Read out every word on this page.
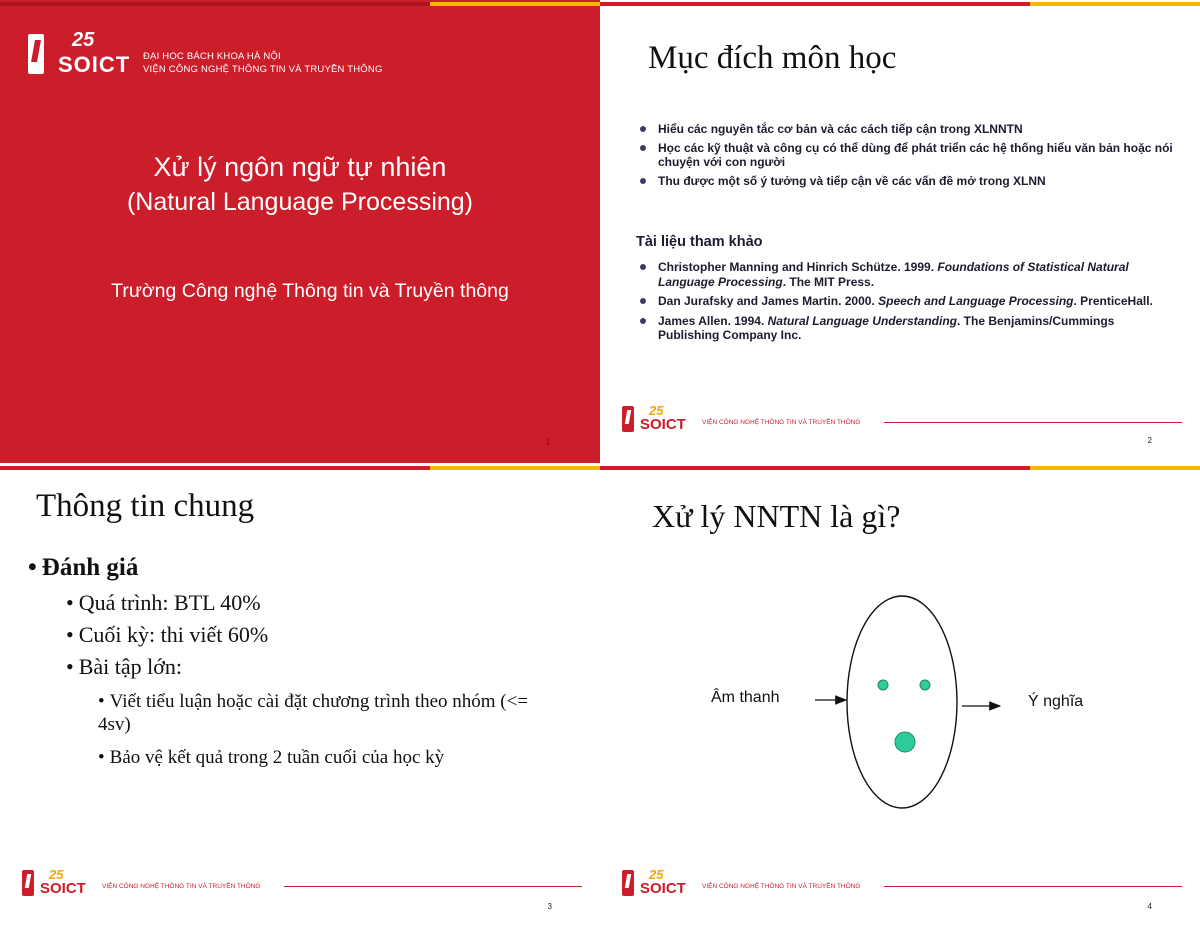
25
SOICT ĐẠI HỌC BÁCH KHOA HÀ NỘI
VIỆN CÔNG NGHỆ THÔNG TIN VÀ TRUYỀN THÔNG
Xử lý ngôn ngữ tự nhiên
(Natural Language Processing)
Trường Công nghệ Thông tin và Truyền thông
1
Mục đích môn học
Hiểu các nguyên tắc cơ bản và các cách tiếp cận trong XLNNTN
Học các kỹ thuật và công cụ có thể dùng để phát triển các hệ thống hiểu văn bản hoặc nói chuyện với con người
Thu được một số ý tưởng và tiếp cận về các vấn đề mở trong XLNN
Tài liệu tham khảo
Christopher Manning and Hinrich Schütze. 1999. Foundations of Statistical Natural Language Processing. The MIT Press.
Dan Jurafsky and James Martin. 2000. Speech and Language Processing. PrenticeHall.
James Allen. 1994. Natural Language Understanding. The Benjamins/Cummings Publishing Company Inc.
25
SOICT VIỆN CÔNG NGHỆ THÔNG TIN VÀ TRUYỀN THÔNG
2
Thông tin chung
• Đánh giá
• Quá trình: BTL 40%
• Cuối kỳ: thi viết 60%
• Bài tập lớn:
• Viết tiểu luận hoặc cài đặt chương trình theo nhóm (<= 4sv)
• Bảo vệ kết quả trong 2 tuần cuối của học kỳ
25
SOICT VIỆN CÔNG NGHỆ THÔNG TIN VÀ TRUYỀN THÔNG
3
Xử lý NNTN là gì?
Âm thanh	Ý nghĩa
25
SOICT VIỆN CÔNG NGHỆ THÔNG TIN VÀ TRUYỀN THÔNG
4
